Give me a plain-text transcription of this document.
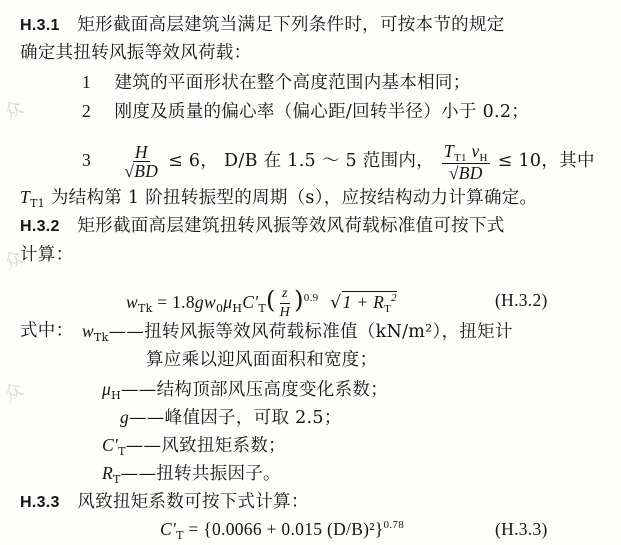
众
众
众
H.3.1 矩形截面高层建筑当满足下列条件时，可按本节的规定
确定其扭转风振等效风荷载：
1 建筑的平面形状在整个高度范围内基本相同；
2 刚度及质量的偏心率（偏心距/回转半径）小于 0.2；
$3 \frac{H}{√BD} \le 6$， D/B 在 1.5 ～ 5 范围内， $\frac{T_{T1} v_H}{√BD} \le 10$，其中
$T_{T1}$ 为结构第 1 阶扭转振型的周期（s），应按结构动力计算确定。
H.3.2 矩形截面高层建筑扭转风振等效风荷载标准值可按下式
计算：
$w_{Tk} = 1.8gw_0\mu_HC'_T( \frac{z}{H} )^{0.9}$  $√1 + R_T^2$	(H.3.2)
式中： $w_{Tk}——$扭转风振等效风荷载标准值（kN/m²），扭矩计
算应乘以迎风面面积和宽度；
$\mu_H——$结构顶部风压高度变化系数；
g——峰值因子，可取 2.5；
$C'_T——$风致扭矩系数；
$R_T——$扭转共振因子。
H.3.3 风致扭矩系数可按下式计算：
$C'_T = \{0.0066 + 0.015$ (D/B)²}$^{0.78}$	(H.3.3)
